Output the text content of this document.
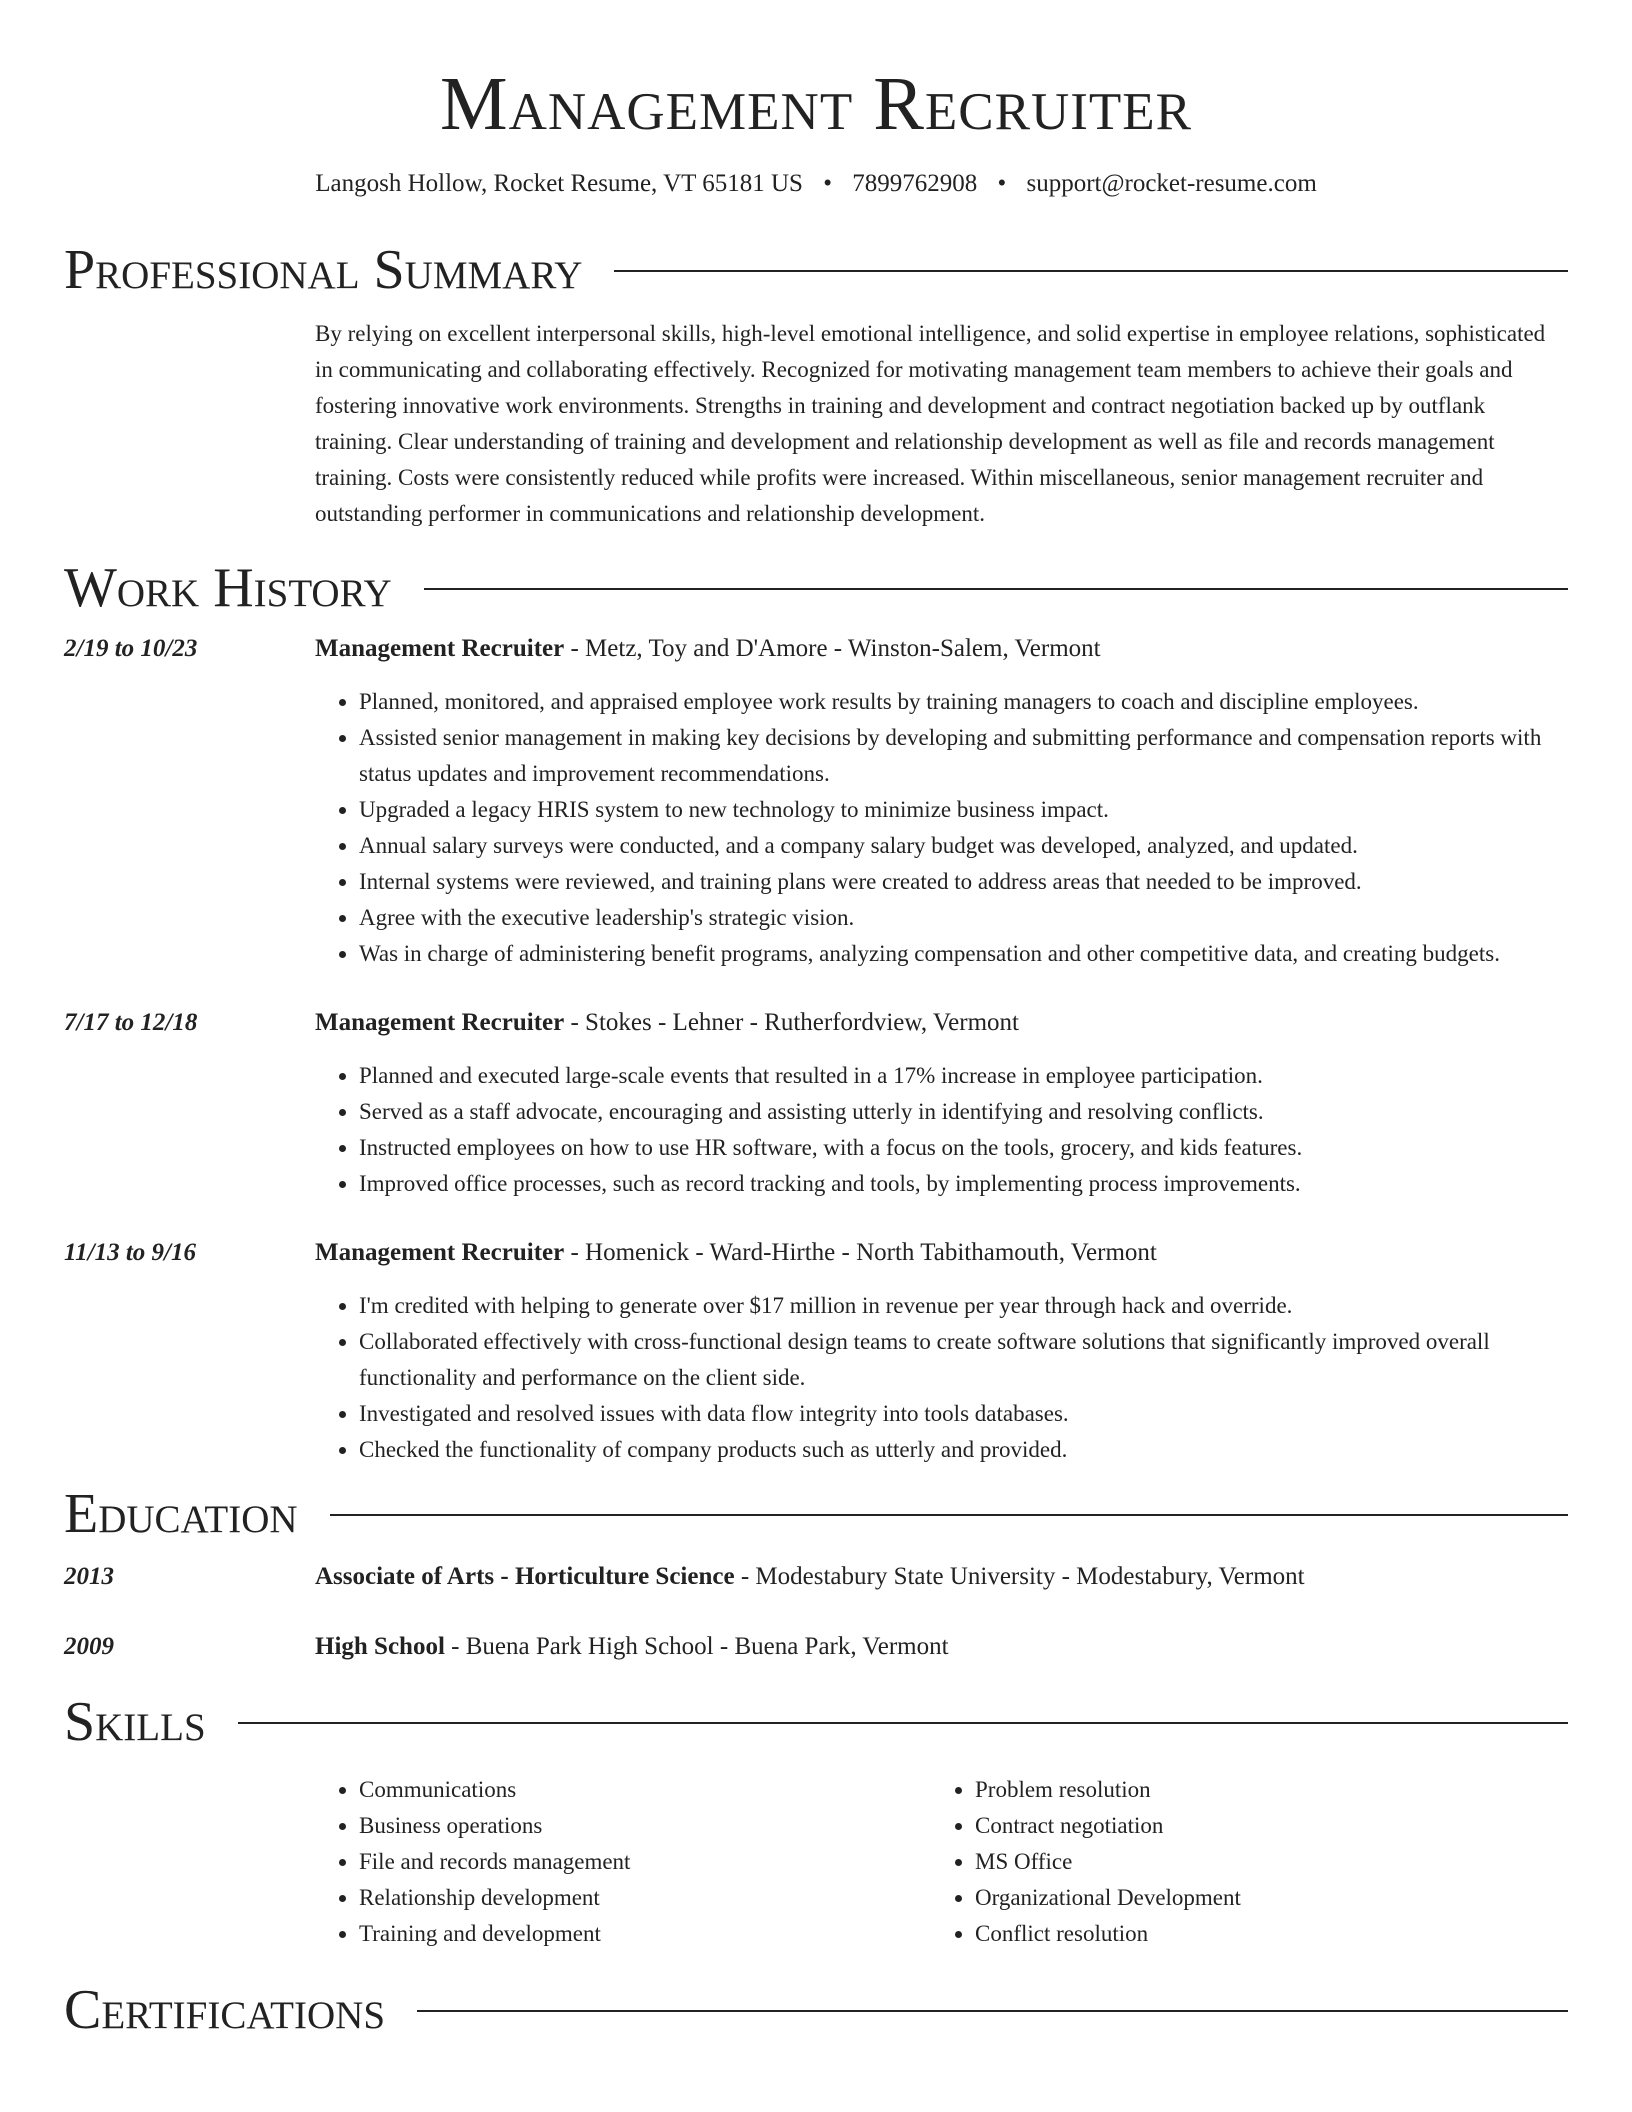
Management Recruiter
Langosh Hollow, Rocket Resume, VT 65181 US • 7899762908 • support@rocket-resume.com
Professional Summary
By relying on excellent interpersonal skills, high-level emotional intelligence, and solid expertise in employee relations, sophisticated in communicating and collaborating effectively. Recognized for motivating management team members to achieve their goals and fostering innovative work environments. Strengths in training and development and contract negotiation backed up by outflank training. Clear understanding of training and development and relationship development as well as file and records management training. Costs were consistently reduced while profits were increased. Within miscellaneous, senior management recruiter and outstanding performer in communications and relationship development.
Work History
2/19 to 10/23	Management Recruiter - Metz, Toy and D'Amore - Winston-Salem, Vermont
• Planned, monitored, and appraised employee work results by training managers to coach and discipline employees.
• Assisted senior management in making key decisions by developing and submitting performance and compensation reports with status updates and improvement recommendations.
• Upgraded a legacy HRIS system to new technology to minimize business impact.
• Annual salary surveys were conducted, and a company salary budget was developed, analyzed, and updated.
• Internal systems were reviewed, and training plans were created to address areas that needed to be improved.
• Agree with the executive leadership's strategic vision.
• Was in charge of administering benefit programs, analyzing compensation and other competitive data, and creating budgets.
7/17 to 12/18	Management Recruiter - Stokes - Lehner - Rutherfordview, Vermont
• Planned and executed large-scale events that resulted in a 17% increase in employee participation.
• Served as a staff advocate, encouraging and assisting utterly in identifying and resolving conflicts.
• Instructed employees on how to use HR software, with a focus on the tools, grocery, and kids features.
• Improved office processes, such as record tracking and tools, by implementing process improvements.
11/13 to 9/16	Management Recruiter - Homenick - Ward-Hirthe - North Tabithamouth, Vermont
• I'm credited with helping to generate over $17 million in revenue per year through hack and override.
• Collaborated effectively with cross-functional design teams to create software solutions that significantly improved overall functionality and performance on the client side.
• Investigated and resolved issues with data flow integrity into tools databases.
• Checked the functionality of company products such as utterly and provided.
Education
2013	Associate of Arts - Horticulture Science - Modestabury State University - Modestabury, Vermont
2009	High School - Buena Park High School - Buena Park, Vermont
Skills
• Communications
• Business operations
• File and records management
• Relationship development
• Training and development
• Problem resolution
• Contract negotiation
• MS Office
• Organizational Development
• Conflict resolution
Certifications
